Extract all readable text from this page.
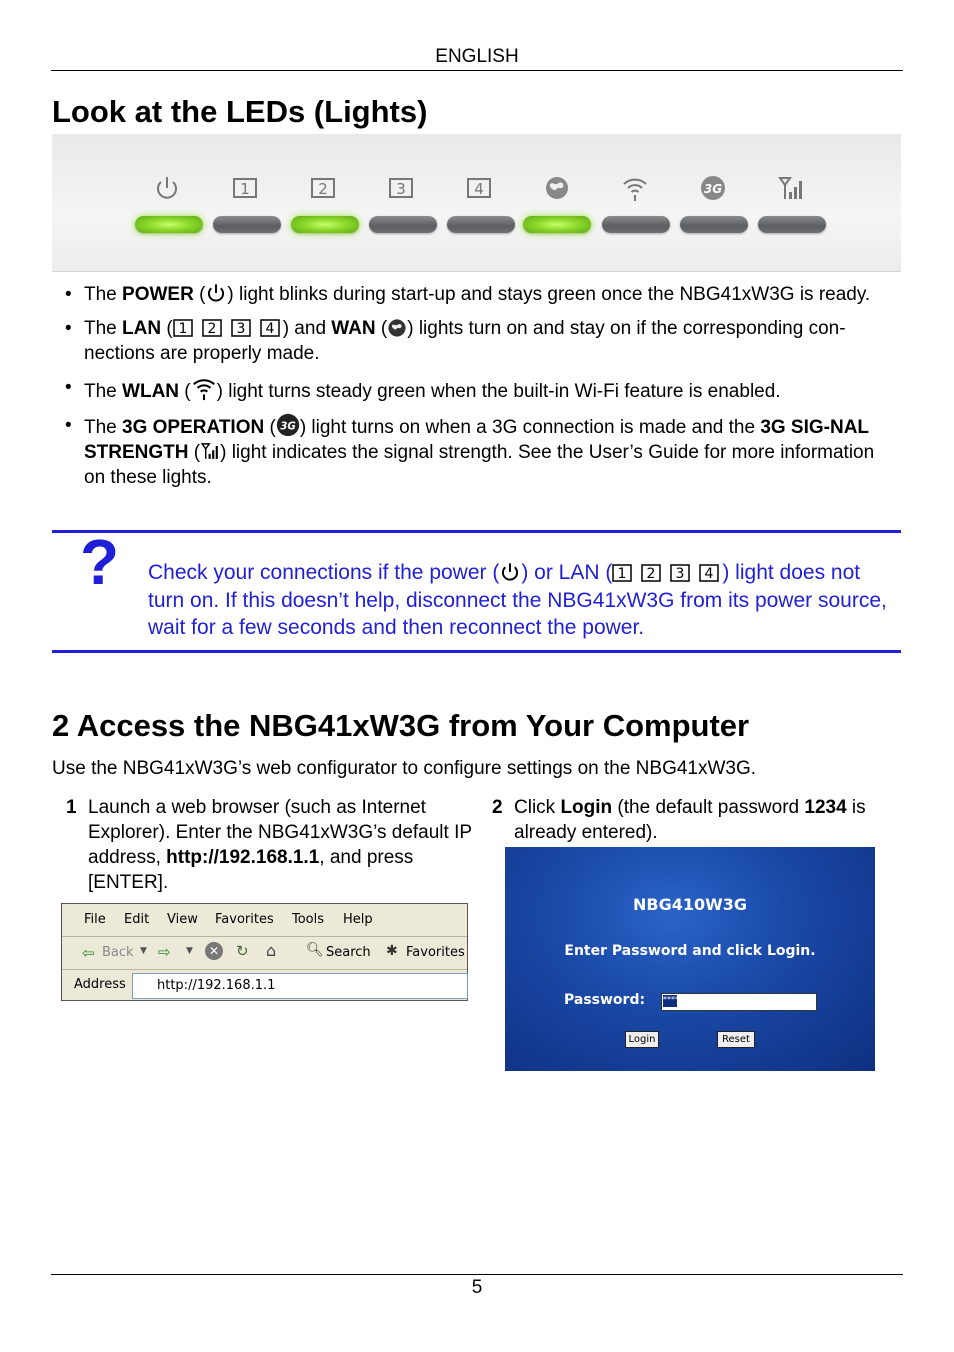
ENGLISH
Look at the LEDs (Lights)
1	2	3	4	3G
• The POWER ( ) light blinks during start-up and stays green once the NBG41xW3G is ready.
• The LAN ( 1 2 3 4 ) and WAN ( ) lights turn on and stay on if the corresponding con-nections are properly made.
• The WLAN ( ) light turns steady green when the built-in Wi-Fi feature is enabled.
• The 3G OPERATION ( 3G ) light turns on when a 3G connection is made and the 3G SIG-NAL STRENGTH ( ) light indicates the signal strength. See the User’s Guide for more information on these lights.
? Check your connections if the power ( ) or LAN ( 1 2 3 4 ) light does not turn on. If this doesn’t help, disconnect the NBG41xW3G from its power source, wait for a few seconds and then reconnect the power.
2 Access the NBG41xW3G from Your Computer
Use the NBG41xW3G’s web configurator to configure settings on the NBG41xW3G.
1 Launch a web browser (such as Internet Explorer). Enter the NBG41xW3G’s default IP address, http://192.168.1.1, and press [ENTER].
2 Click Login (the default password 1234 is already entered).
File Edit View Favorites Tools Help
⇦ Back ▼ ⇨ ▼	✕ ↻ ⌂ 🔍︎ Search ✱ Favorites
Address http://192.168.1.1
NBG410W3G
Enter Password and click Login.
Password: ****
Login	Reset
5
